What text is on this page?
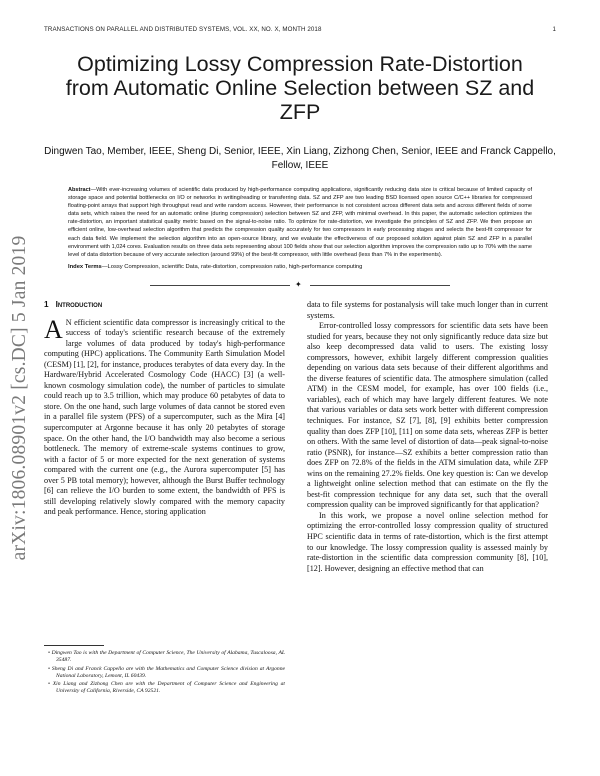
TRANSACTIONS ON PARALLEL AND DISTRIBUTED SYSTEMS, VOL. XX, NO. X, MONTH 2018	1
arXiv:1806.08901v2 [cs.DC] 5 Jan 2019
Optimizing Lossy Compression Rate-Distortion from Automatic Online Selection between SZ and ZFP
Dingwen Tao, Member, IEEE, Sheng Di, Senior, IEEE, Xin Liang, Zizhong Chen, Senior, IEEE and Franck Cappello, Fellow, IEEE
Abstract—With ever-increasing volumes of scientific data produced by high-performance computing applications, significantly reducing data size is critical because of limited capacity of storage space and potential bottlenecks on I/O or networks in writing/reading or transferring data. SZ and ZFP are two leading BSD licensed open source C/C++ libraries for compressed floating-point arrays that support high throughput read and write random access. However, their performance is not consistent across different data sets and across different fields of some data sets, which raises the need for an automatic online (during compression) selection between SZ and ZFP, with minimal overhead. In this paper, the automatic selection optimizes the rate-distortion, an important statistical quality metric based on the signal-to-noise ratio. To optimize for rate-distortion, we investigate the principles of SZ and ZFP. We then propose an efficient online, low-overhead selection algorithm that predicts the compression quality accurately for two compressors in early processing stages and selects the best-fit compressor for each data field. We implement the selection algorithm into an open-source library, and we evaluate the effectiveness of our proposed solution against plain SZ and ZFP in a parallel environment with 1,024 cores. Evaluation results on three data sets representing about 100 fields show that our selection algorithm improves the compression ratio up to 70% with the same level of data distortion because of very accurate selection (around 99%) of the best-fit compressor, with little overhead (less than 7% in the experiments).
Index Terms—Lossy Compression, scientific Data, rate-distortion, compression ratio, high-performance computing
✦
1 Introduction

A N efficient scientific data compressor is increasingly critical to the success of today's scientific research because of the extremely large volumes of data produced by today's high-performance computing (HPC) applications. The Community Earth Simulation Model (CESM) [1], [2], for instance, produces terabytes of data every day. In the Hardware/Hybrid Accelerated Cosmology Code (HACC) [3] (a well-known cosmology simulation code), the number of particles to simulate could reach up to 3.5 trillion, which may produce 60 petabytes of data to store. On the one hand, such large volumes of data cannot be stored even in a parallel file system (PFS) of a supercomputer, such as the Mira [4] supercomputer at Argonne because it has only 20 petabytes of storage space. On the other hand, the I/O bandwidth may also become a serious bottleneck. The memory of extreme-scale systems continues to grow, with a factor of 5 or more expected for the next generation of systems compared with the current one (e.g., the Aurora supercomputer [5] has over 5 PB total memory); however, although the Burst Buffer technology [6] can relieve the I/O burden to some extent, the bandwidth of PFS is still developing relatively slowly compared with the memory capacity and peak performance. Hence, storing application

• Dingwen Tao is with the Department of Computer Science, The University of Alabama, Tuscaloosa, AL 35487.
• Sheng Di and Franck Cappello are with the Mathematics and Computer Science division at Argonne National Laboratory, Lemont, IL 60439.
• Xin Liang and Zizhong Chen are with the Department of Computer Science and Engineering at University of California, Riverside, CA 92521.

data to file systems for postanalysis will take much longer than in current systems.

Error-controlled lossy compressors for scientific data sets have been studied for years, because they not only significantly reduce data size but also keep decompressed data valid to users. The existing lossy compressors, however, exhibit largely different compression qualities depending on various data sets because of their different algorithms and the diverse features of scientific data. The atmosphere simulation (called ATM) in the CESM model, for example, has over 100 fields (i.e., variables), each of which may have largely different features. We note that various variables or data sets work better with different compression techniques. For instance, SZ [7], [8], [9] exhibits better compression quality than does ZFP [10], [11] on some data sets, whereas ZFP is better on others. With the same level of distortion of data—peak signal-to-noise ratio (PSNR), for instance—SZ exhibits a better compression ratio than does ZFP on 72.8% of the fields in the ATM simulation data, while ZFP wins on the remaining 27.2% fields. One key question is: Can we develop a lightweight online selection method that can estimate on the fly the best-fit compression technique for any data set, such that the overall compression quality can be improved significantly for that application?

In this work, we propose a novel online selection method for optimizing the error-controlled lossy compression quality of structured HPC scientific data in terms of rate-distortion, which is the first attempt to our knowledge. The lossy compression quality is assessed mainly by rate-distortion in the scientific data compression community [8], [10], [12]. However, designing an effective method that can
